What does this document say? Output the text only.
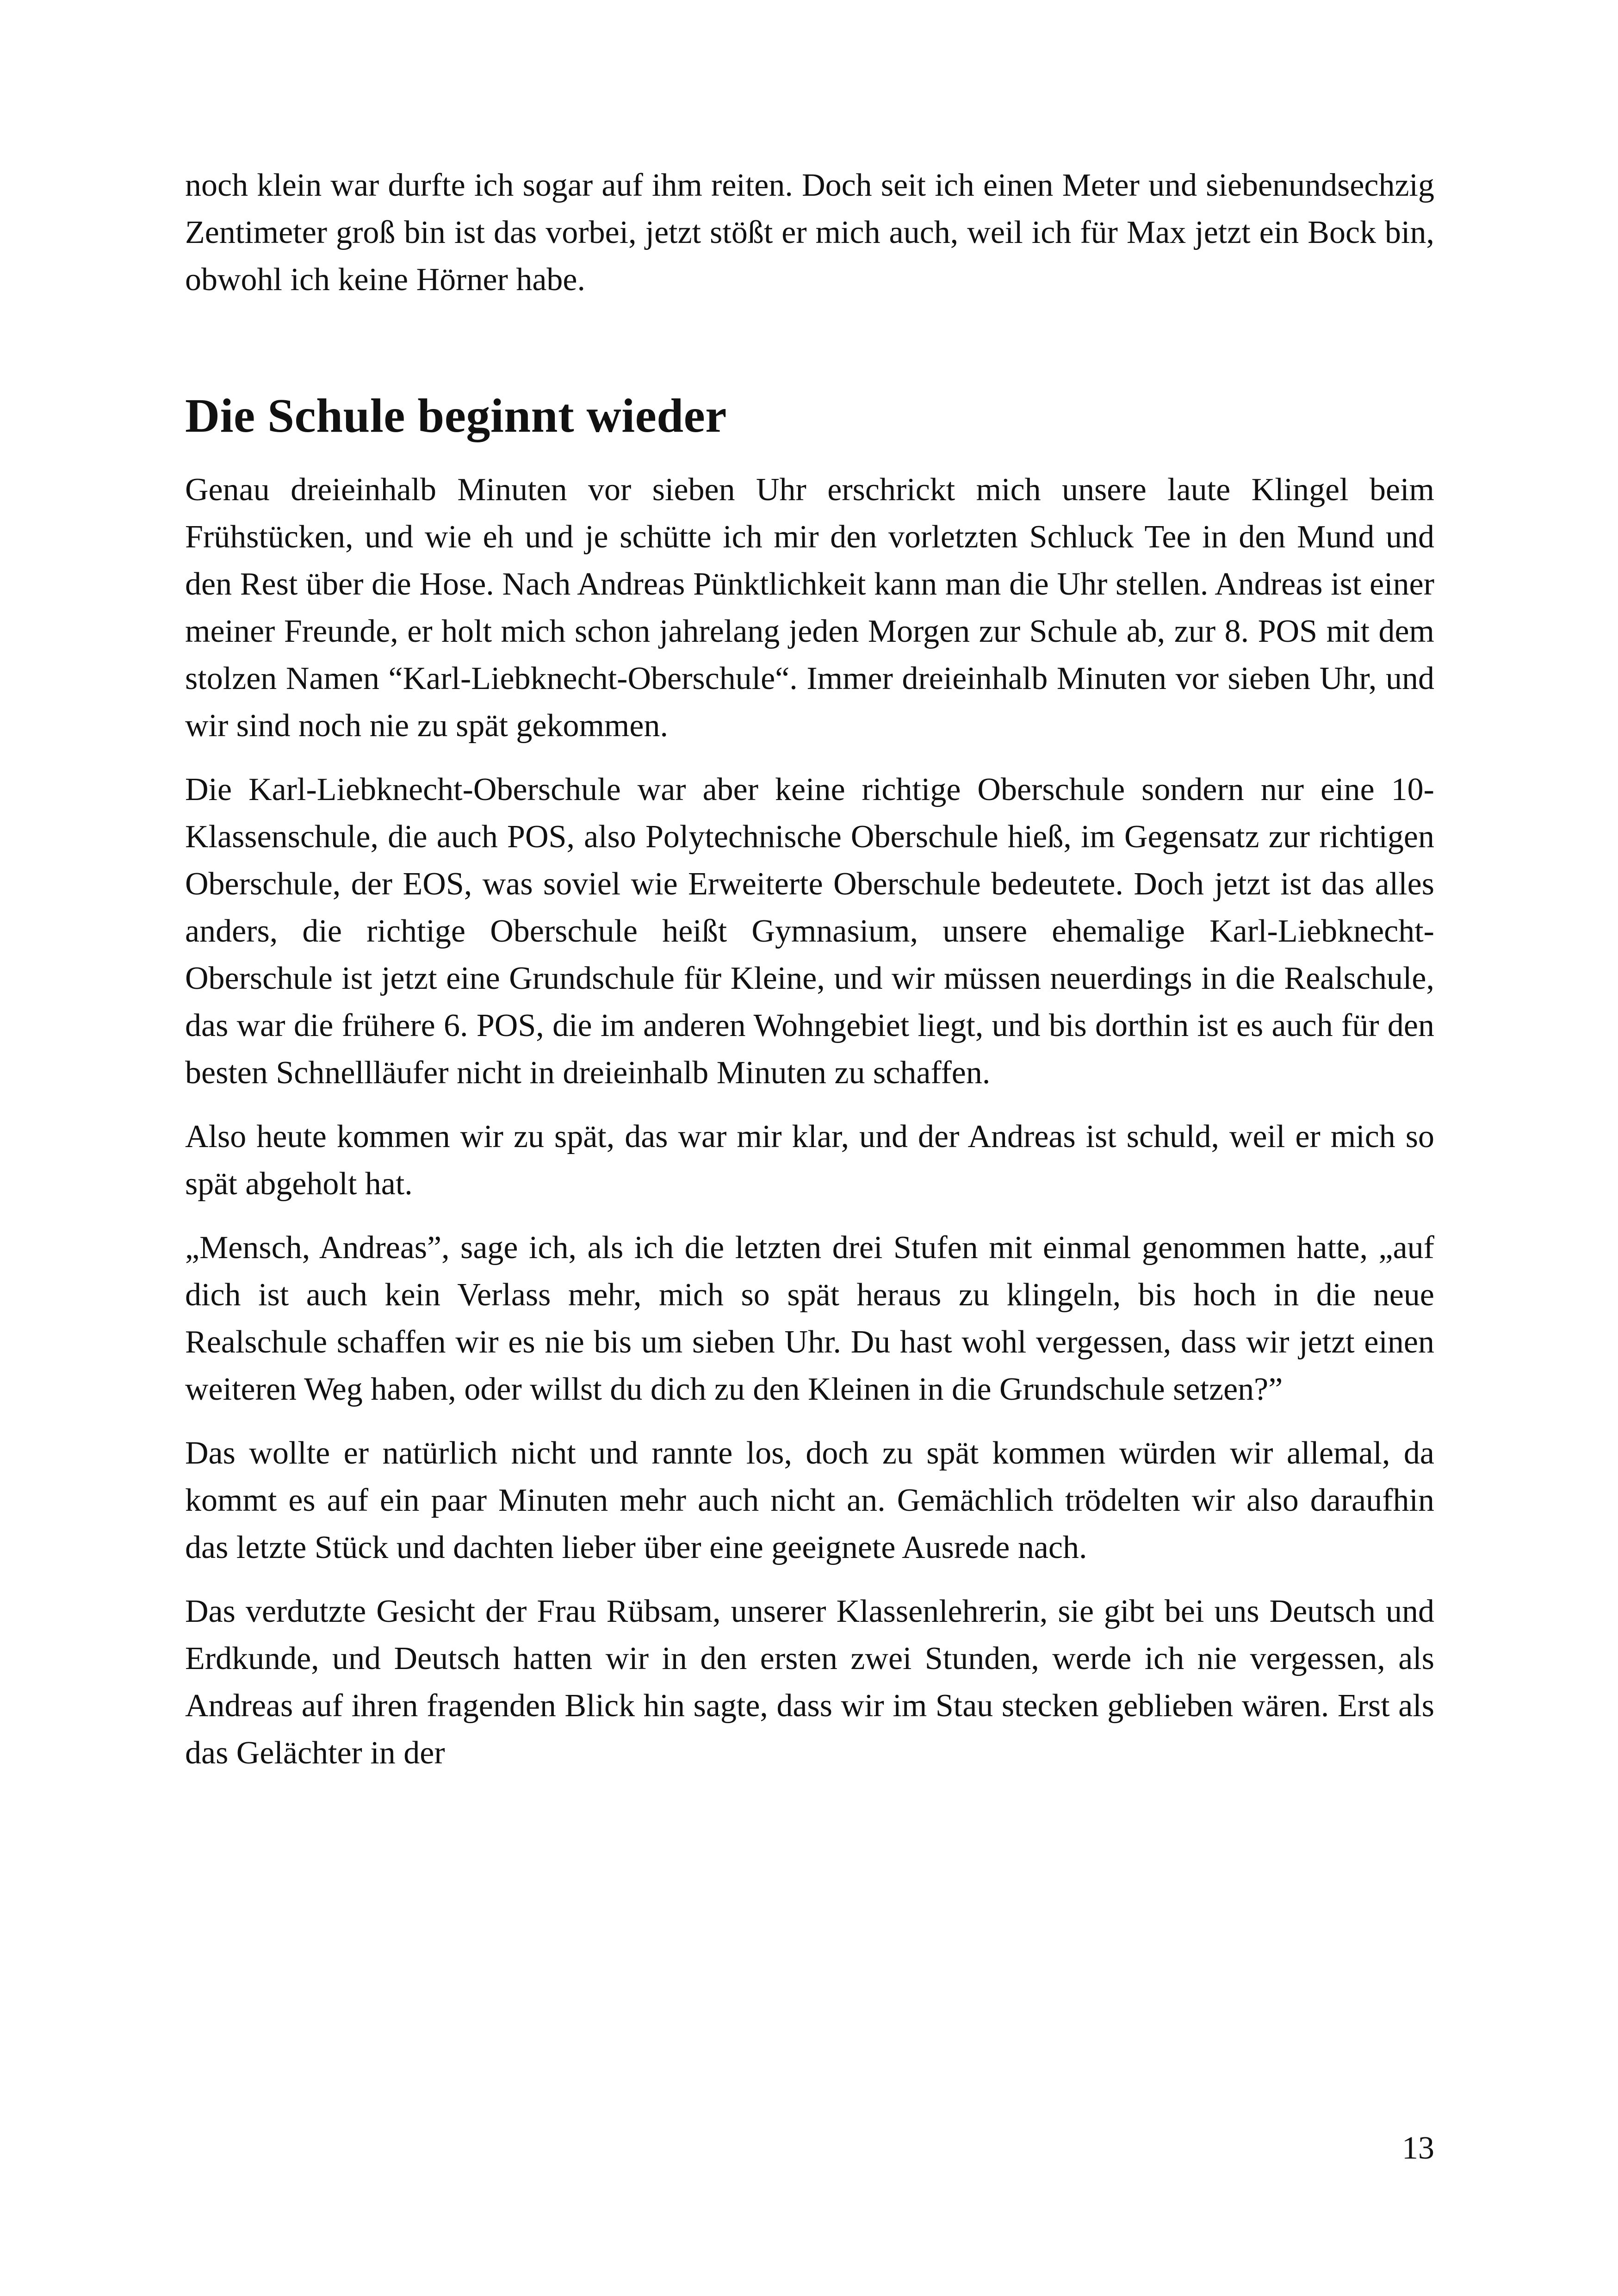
noch klein war durfte ich sogar auf ihm reiten. Doch seit ich einen Meter und siebenundsechzig Zentimeter groß bin ist das vorbei, jetzt stößt er mich auch, weil ich für Max jetzt ein Bock bin, obwohl ich keine Hörner habe.

Die Schule beginnt wieder

Genau dreieinhalb Minuten vor sieben Uhr erschrickt mich unsere laute Klingel beim Frühstücken, und wie eh und je schütte ich mir den vorletzten Schluck Tee in den Mund und den Rest über die Hose. Nach Andreas Pünktlichkeit kann man die Uhr stellen. Andreas ist einer meiner Freunde, er holt mich schon jahrelang jeden Morgen zur Schule ab, zur 8. POS mit dem stolzen Namen “Karl-Liebknecht-Oberschule“. Immer dreieinhalb Minuten vor sieben Uhr, und wir sind noch nie zu spät gekommen.

Die Karl-Liebknecht-Oberschule war aber keine richtige Oberschule sondern nur eine 10-Klassenschule, die auch POS, also Polytechnische Oberschule hieß, im Gegensatz zur richtigen Oberschule, der EOS, was soviel wie Erweiterte Oberschule bedeutete. Doch jetzt ist das alles anders, die richtige Oberschule heißt Gymnasium, unsere ehemalige Karl-Liebknecht-Oberschule ist jetzt eine Grundschule für Kleine, und wir müssen neuerdings in die Realschule, das war die frühere 6. POS, die im anderen Wohngebiet liegt, und bis dorthin ist es auch für den besten Schnellläufer nicht in dreieinhalb Minuten zu schaffen.

Also heute kommen wir zu spät, das war mir klar, und der Andreas ist schuld, weil er mich so spät abgeholt hat.

„Mensch, Andreas”, sage ich, als ich die letzten drei Stufen mit einmal genommen hatte, „auf dich ist auch kein Verlass mehr, mich so spät heraus zu klingeln, bis hoch in die neue Realschule schaffen wir es nie bis um sieben Uhr. Du hast wohl vergessen, dass wir jetzt einen weiteren Weg haben, oder willst du dich zu den Kleinen in die Grundschule setzen?”

Das wollte er natürlich nicht und rannte los, doch zu spät kommen würden wir allemal, da kommt es auf ein paar Minuten mehr auch nicht an. Gemächlich trödelten wir also daraufhin das letzte Stück und dachten lieber über eine geeignete Ausrede nach.

Das verdutzte Gesicht der Frau Rübsam, unserer Klassenlehrerin, sie gibt bei uns Deutsch und Erdkunde, und Deutsch hatten wir in den ersten zwei Stunden, werde ich nie vergessen, als Andreas auf ihren fragenden Blick hin sagte, dass wir im Stau stecken geblieben wären. Erst als das Gelächter in der

13
